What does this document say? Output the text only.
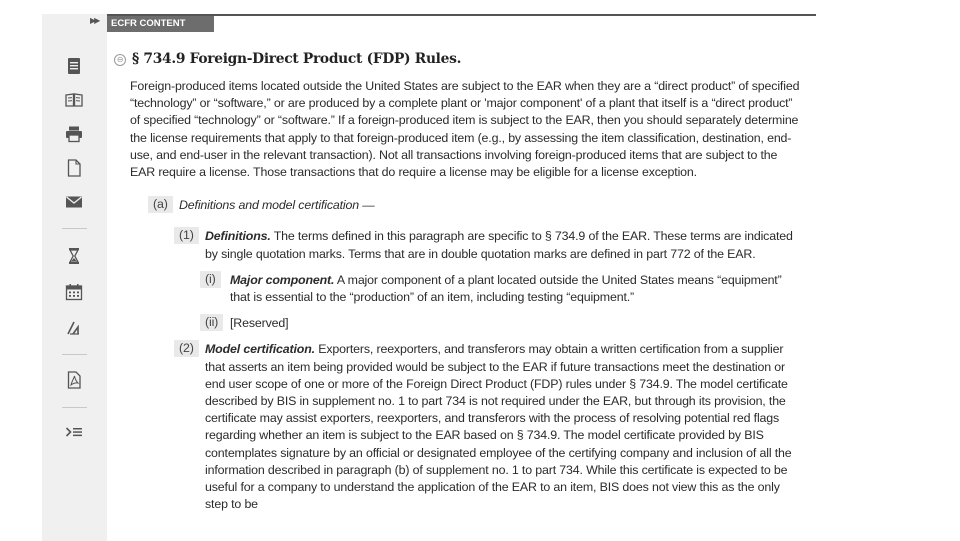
▶▶	ECFR CONTENT
⊖ § 734.9 Foreign-Direct Product (FDP) Rules.

Foreign-produced items located outside the United States are subject to the EAR when they are a “direct product” of specified “technology” or “software,” or are produced by a complete plant or 'major component' of a plant that itself is a “direct product” of specified “technology” or “software.” If a foreign-produced item is subject to the EAR, then you should separately determine the license requirements that apply to that foreign-produced item (e.g., by assessing the item classification, destination, end-use, and end-user in the relevant transaction). Not all transactions involving foreign-produced items that are subject to the EAR require a license. Those transactions that do require a license may be eligible for a license exception.

(a) Definitions and model certification —
(1) Definitions. The terms defined in this paragraph are specific to § 734.9 of the EAR. These terms are indicated by single quotation marks. Terms that are in double quotation marks are defined in part 772 of the EAR.
(i)	Major component. A major component of a plant located outside the United States means “equipment” that is essential to the “production” of an item, including testing “equipment.”
(ii) [Reserved]
(2) Model certification. Exporters, reexporters, and transferors may obtain a written certification from a supplier that asserts an item being provided would be subject to the EAR if future transactions meet the destination or end user scope of one or more of the Foreign Direct Product (FDP) rules under § 734.9. The model certificate described by BIS in supplement no. 1 to part 734 is not required under the EAR, but through its provision, the certificate may assist exporters, reexporters, and transferors with the process of resolving potential red flags regarding whether an item is subject to the EAR based on § 734.9. The model certificate provided by BIS contemplates signature by an official or designated employee of the certifying company and inclusion of all the information described in paragraph (b) of supplement no. 1 to part 734. While this certificate is expected to be useful for a company to understand the application of the EAR to an item, BIS does not view this as the only step to be
